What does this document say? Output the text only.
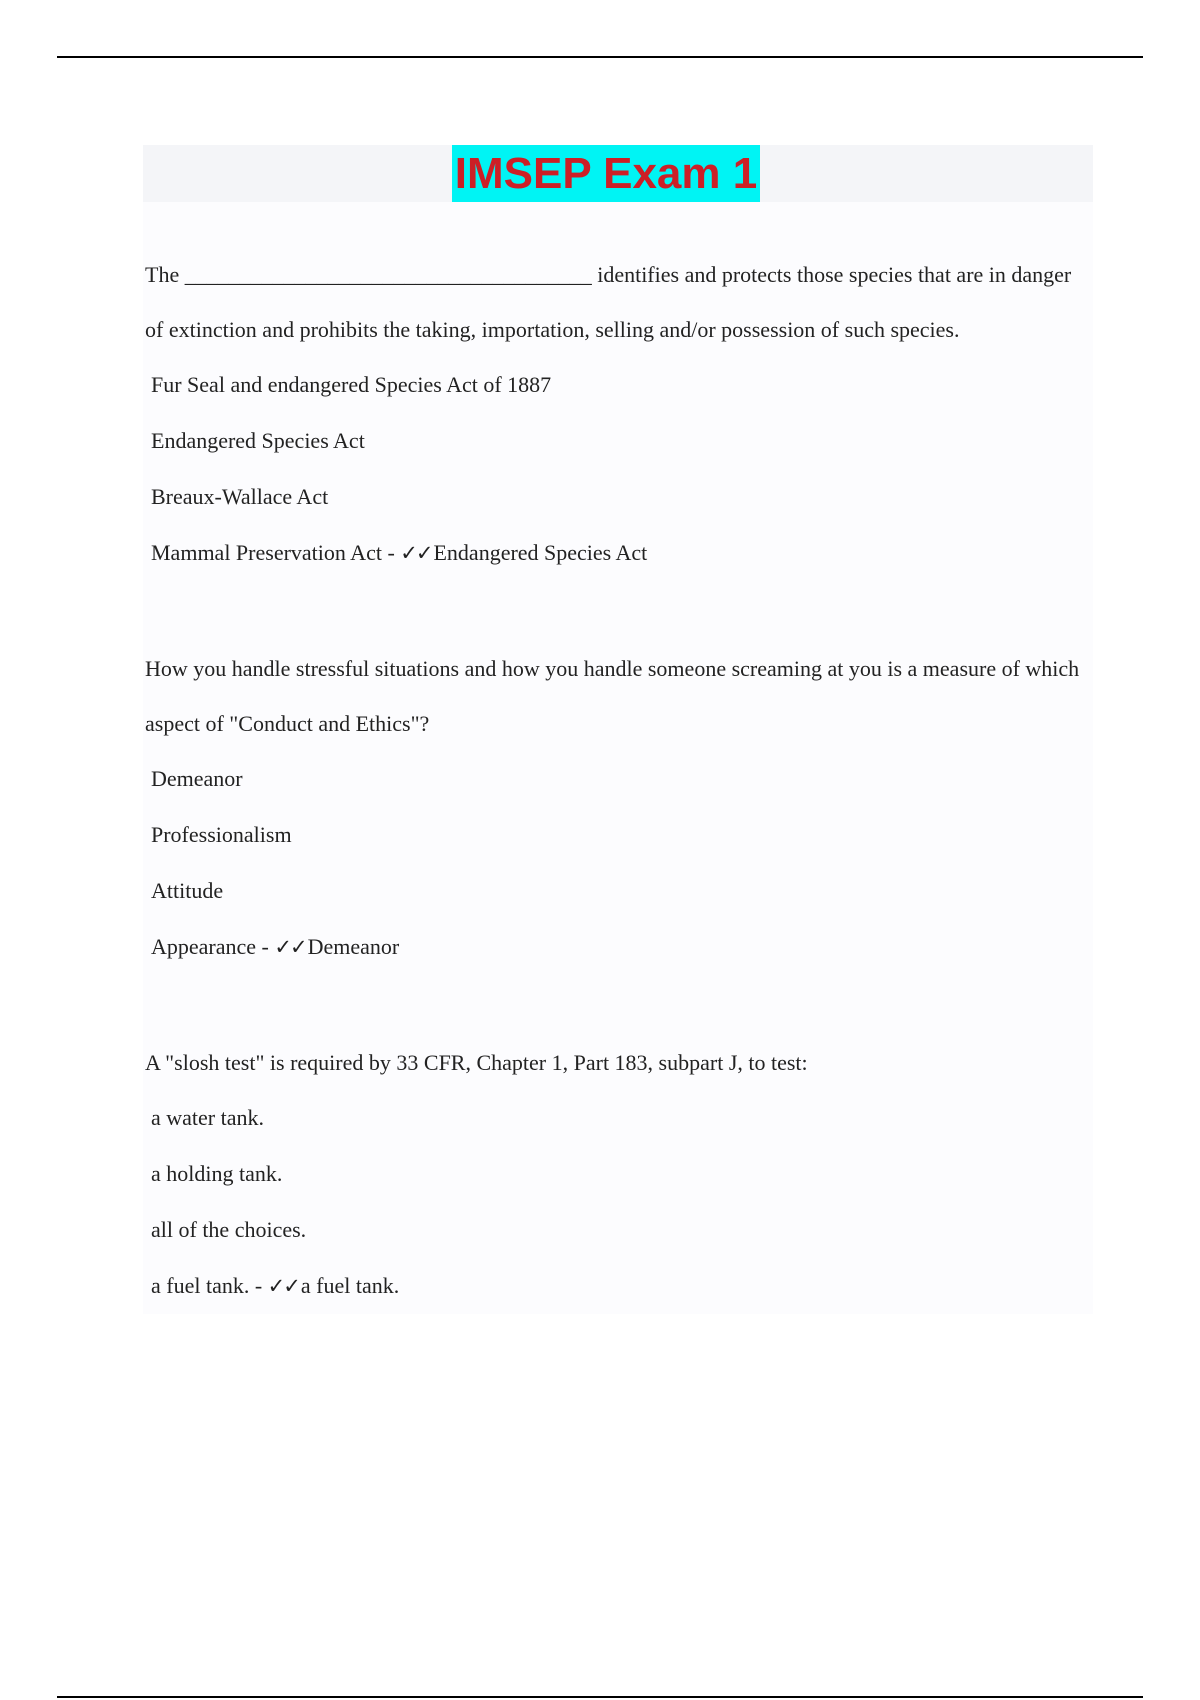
IMSEP Exam 1

The _____________________________________ identifies and protects those species that are in danger of extinction and prohibits the taking, importation, selling and/or possession of such species.

Fur Seal and endangered Species Act of 1887
Endangered Species Act
Breaux-Wallace Act
Mammal Preservation Act - ✓✓Endangered Species Act

How you handle stressful situations and how you handle someone screaming at you is a measure of which aspect of "Conduct and Ethics"?

Demeanor
Professionalism
Attitude
Appearance - ✓✓Demeanor

A "slosh test" is required by 33 CFR, Chapter 1, Part 183, subpart J, to test:

a water tank.
a holding tank.
all of the choices.
a fuel tank. - ✓✓a fuel tank.
